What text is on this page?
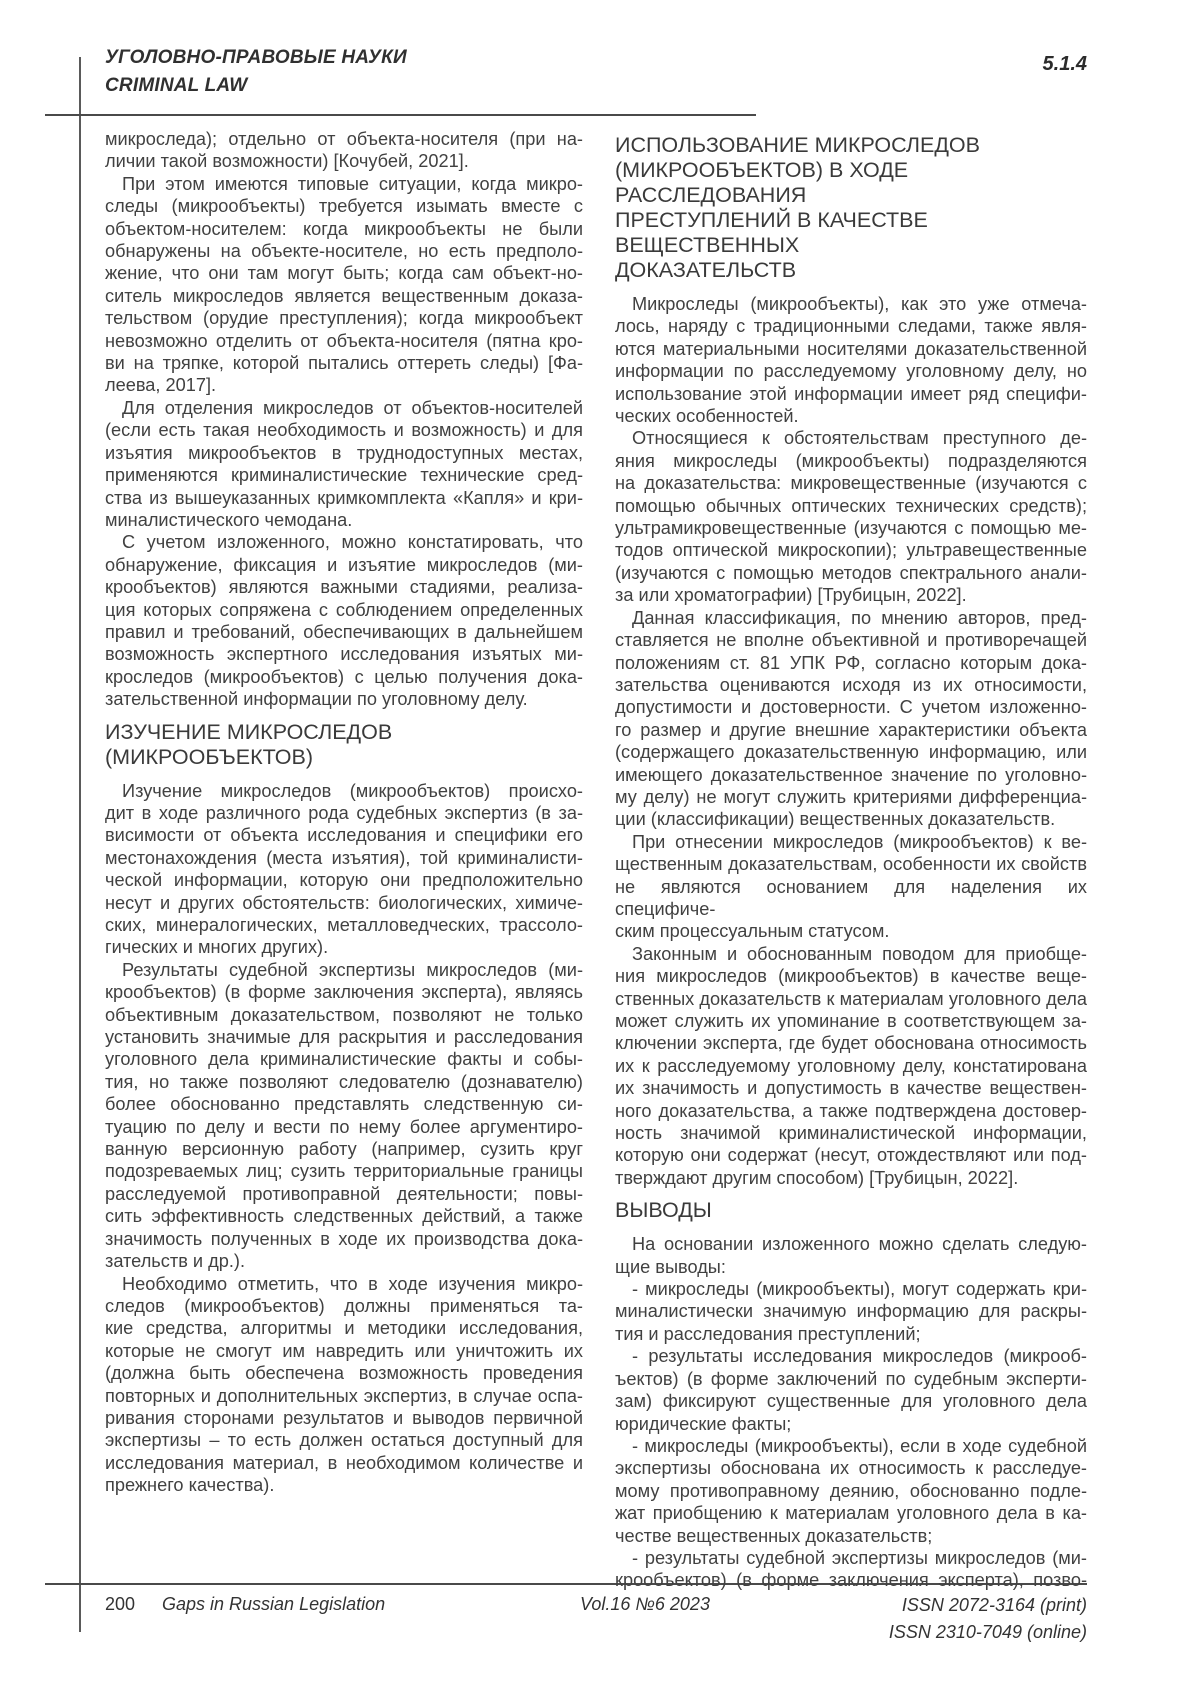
УГОЛОВНО-ПРАВОВЫЕ НАУКИ
CRIMINAL LAW
5.1.4
микроследа); отдельно от объекта-носителя (при на-
личии такой возможности) [Кочубей, 2021].
При этом имеются типовые ситуации, когда микро-
следы (микрообъекты) требуется изымать вместе с
объектом-носителем: когда микрообъекты не были
обнаружены на объекте-носителе, но есть предполо-
жение, что они там могут быть; когда сам объект-но-
ситель микроследов является вещественным доказа-
тельством (орудие преступления); когда микрообъект
невозможно отделить от объекта-носителя (пятна кро-
ви на тряпке, которой пытались оттереть следы) [Фа-
леева, 2017].
Для отделения микроследов от объектов-носителей
(если есть такая необходимость и возможность) и для
изъятия микрообъектов в труднодоступных местах,
применяются криминалистические технические сред-
ства из вышеуказанных кримкомплекта «Капля» и кри-
миналистического чемодана.
С учетом изложенного, можно констатировать, что
обнаружение, фиксация и изъятие микроследов (ми-
крообъектов) являются важными стадиями, реализа-
ция которых сопряжена с соблюдением определенных
правил и требований, обеспечивающих в дальнейшем
возможность экспертного исследования изъятых ми-
кроследов (микрообъектов) с целью получения дока-
зательственной информации по уголовному делу.
ИЗУЧЕНИЕ МИКРОСЛЕДОВ
(МИКРООБЪЕКТОВ)
Изучение микроследов (микрообъектов) происхо-
дит в ходе различного рода судебных экспертиз (в за-
висимости от объекта исследования и специфики его
местонахождения (места изъятия), той криминалисти-
ческой информации, которую они предположительно
несут и других обстоятельств: биологических, химиче-
ских, минералогических, металловедческих, трассоло-
гических и многих других).
Результаты судебной экспертизы микроследов (ми-
крообъектов) (в форме заключения эксперта), являясь
объективным доказательством, позволяют не только
установить значимые для раскрытия и расследования
уголовного дела криминалистические факты и собы-
тия, но также позволяют следователю (дознавателю)
более обоснованно представлять следственную си-
туацию по делу и вести по нему более аргументиро-
ванную версионную работу (например, сузить круг
подозреваемых лиц; сузить территориальные границы
расследуемой противоправной деятельности; повы-
сить эффективность следственных действий, а также
значимость полученных в ходе их производства дока-
зательств и др.).
Необходимо отметить, что в ходе изучения микро-
следов (микрообъектов) должны применяться та-
кие средства, алгоритмы и методики исследования,
которые не смогут им навредить или уничтожить их
(должна быть обеспечена возможность проведения
повторных и дополнительных экспертиз, в случае оспа-
ривания сторонами результатов и выводов первичной
экспертизы – то есть должен остаться доступный для
исследования материал, в необходимом количестве и
прежнего качества).
ИСПОЛЬЗОВАНИЕ МИКРОСЛЕДОВ
(МИКРООБЪЕКТОВ) В ХОДЕ РАССЛЕДОВАНИЯ
ПРЕСТУПЛЕНИЙ В КАЧЕСТВЕ ВЕЩЕСТВЕННЫХ
ДОКАЗАТЕЛЬСТВ
Микроследы (микрообъекты), как это уже отмеча-
лось, наряду с традиционными следами, также явля-
ются материальными носителями доказательственной
информации по расследуемому уголовному делу, но
использование этой информации имеет ряд специфи-
ческих особенностей.
Относящиеся к обстоятельствам преступного де-
яния микроследы (микрообъекты) подразделяются
на доказательства: микровещественные (изучаются с
помощью обычных оптических технических средств);
ультрамикровещественные (изучаются с помощью ме-
тодов оптической микроскопии); ультравещественные
(изучаются с помощью методов спектрального анали-
за или хроматографии) [Трубицын, 2022].
Данная классификация, по мнению авторов, пред-
ставляется не вполне объективной и противоречащей
положениям ст. 81 УПК РФ, согласно которым дока-
зательства оцениваются исходя из их относимости,
допустимости и достоверности. С учетом изложенно-
го размер и другие внешние характеристики объекта
(содержащего доказательственную информацию, или
имеющего доказательственное значение по уголовно-
му делу) не могут служить критериями дифференциа-
ции (классификации) вещественных доказательств.
При отнесении микроследов (микрообъектов) к ве-
щественным доказательствам, особенности их свойств
не являются основанием для наделения их специфиче-
ским процессуальным статусом.
Законным и обоснованным поводом для приобще-
ния микроследов (микрообъектов) в качестве веще-
ственных доказательств к материалам уголовного дела
может служить их упоминание в соответствующем за-
ключении эксперта, где будет обоснована относимость
их к расследуемому уголовному делу, констатирована
их значимость и допустимость в качестве веществен-
ного доказательства, а также подтверждена достовер-
ность значимой криминалистической информации,
которую они содержат (несут, отождествляют или под-
тверждают другим способом) [Трубицын, 2022].
ВЫВОДЫ
На основании изложенного можно сделать следую-
щие выводы:
- микроследы (микрообъекты), могут содержать кри-
миналистически значимую информацию для раскры-
тия и расследования преступлений;
- результаты исследования микроследов (микрооб-
ъектов) (в форме заключений по судебным эксперти-
зам) фиксируют существенные для уголовного дела
юридические факты;
- микроследы (микрообъекты), если в ходе судебной
экспертизы обоснована их относимость к расследуе-
мому противоправному деянию, обоснованно подле-
жат приобщению к материалам уголовного дела в ка-
честве вещественных доказательств;
- результаты судебной экспертизы микроследов (ми-
крообъектов) (в форме заключения эксперта), позво-
200 Gaps in Russian Legislation	Vol.16 №6 2023	ISSN 2072-3164 (print)
ISSN 2310-7049 (online)
